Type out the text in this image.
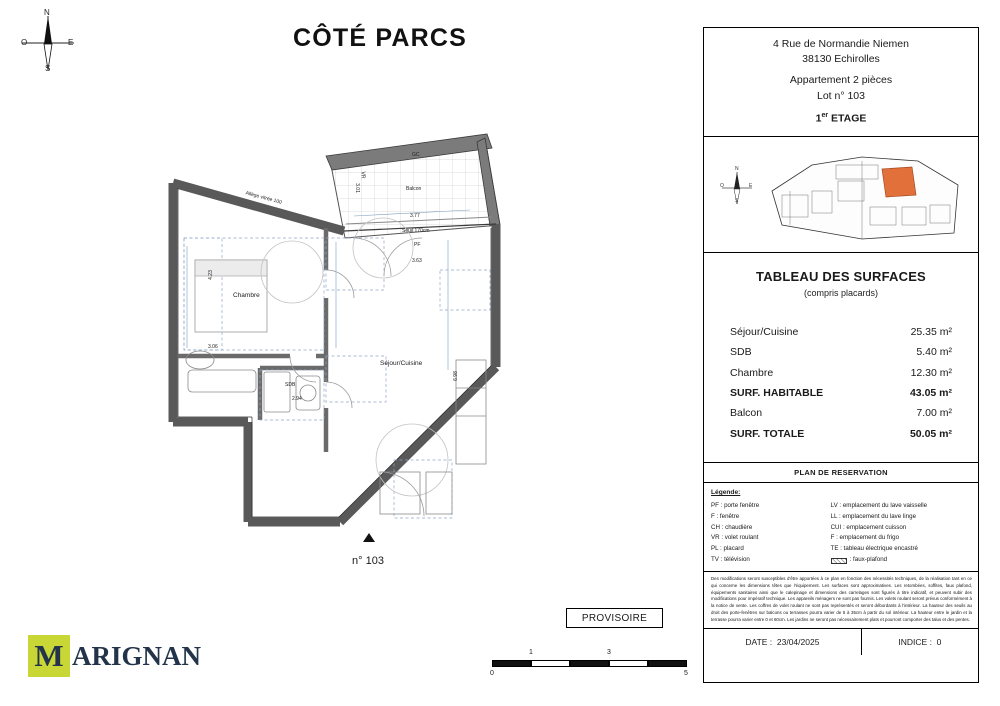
N
S
E
O	CÔTÉ PARCS
Chambre
Séjour/Cuisine
SDB
Balcon
Allège vitrée 100
Seuil 170cm
GC
3.77
3.63
4.23
3.06
2.94
6.98
3.01
PF
VR
n° 103
4 Rue de Normandie Niemen
38130 Echirolles
Appartement 2 pièces
Lot n° 103
1er ETAGE
N
S
E
O
TABLEAU DES SURFACES
(compris placards)
Séjour/Cuisine	25.35 m²
SDB	5.40 m²
Chambre	12.30 m²
SURF. HABITABLE	43.05 m²
Balcon	7.00 m²
SURF. TOTALE	50.05 m²
PLAN DE RESERVATION
Légende:
PF : porte fenêtre
F : fenêtre
CH : chaudière
VR : volet roulant
PL : placard
TV : télévision
LV : emplacement du lave vaisselle
LL : emplacement du lave linge
CUI : emplacement cuisson
F : emplacement du frigo
TE : tableau électrique encastré
: faux-plafond
Des modifications seront susceptibles d'être apportées à ce plan en fonction des nécessités techniques, de la réalisation tant en ce qui concerne les dimensions têtes que l'équipement. Les surfaces sont approximatives. Les retombées, soffites, faux plafond, équipements sanitaires ainsi que le calepinage et dimensions des carrelages sont figurés à titre indicatif, et peuvent subir des modifications pour impératif technique. Les appareils ménagers ne sont pas fournis. Les volets roulant seront prévus conformément à la notice de vente. Les coffres de volet roulant ne sont pas représentés et seront débordants à l'intérieur. La hauteur des seuils au droit des porte-fenêtres sur balcons ou terrasses pourra varier de 5 à 35cm à partir du sol intérieur. La hauteur entre le jardin et la terrasse pourra varier entre 0 et 60cm. Les jardins ne seront pas nécessairement plats et pourront comporter des talus et des pentes.
DATE :
23/04/2025	INDICE :
0
PROVISOIRE
0
1	3
5
M ARIGNAN
